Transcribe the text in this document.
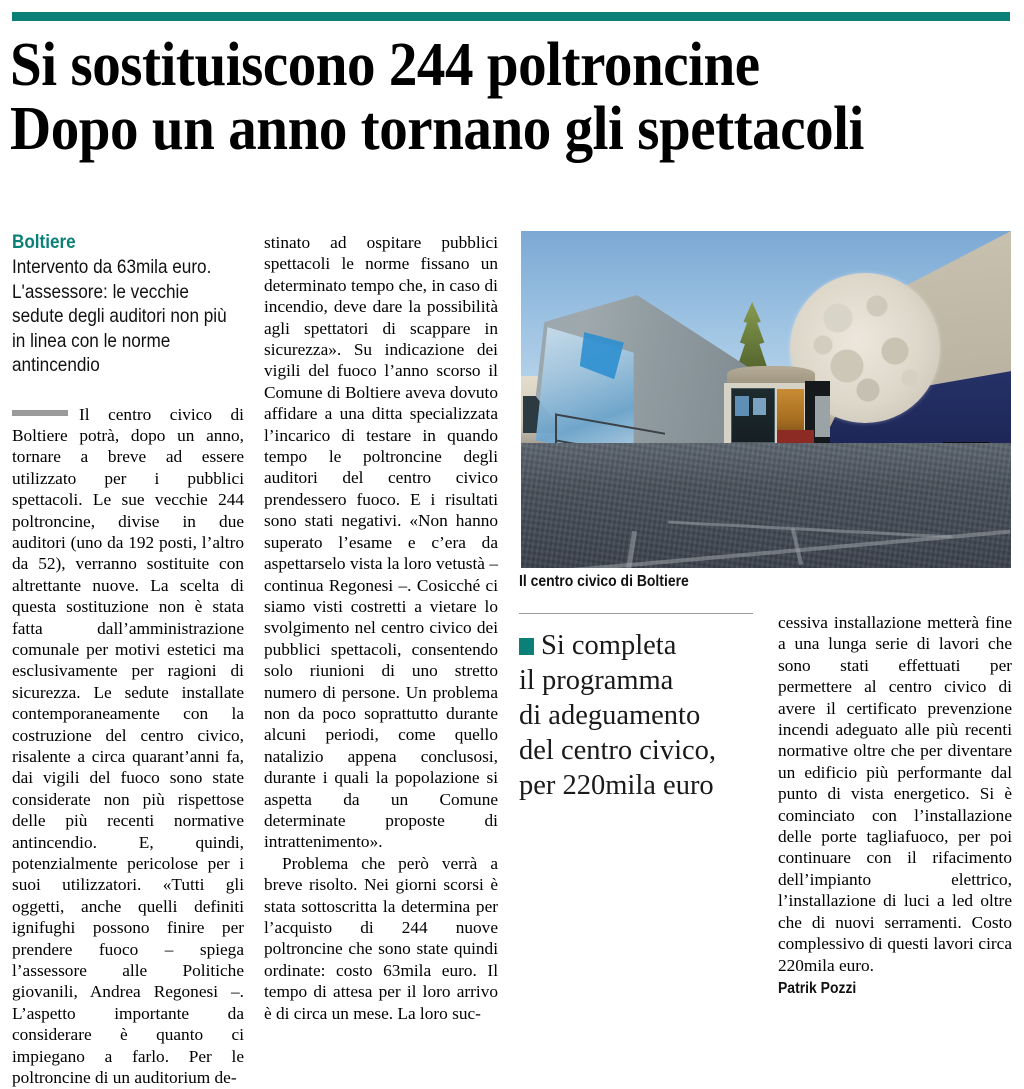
Si sostituiscono 244 poltroncine
Dopo un anno tornano gli spettacoli
Boltiere
Intervento da 63mila euro. L'assessore: le vecchie sedute degli auditori non più in linea con le norme antincendio

Il centro civico di Boltiere potrà, dopo un anno, tornare a breve ad essere utilizzato per i pubblici spettacoli. Le sue vecchie 244 poltroncine, divise in due auditori (uno da 192 posti, l’altro da 52), verranno sostituite con altrettante nuove. La scelta di questa sostituzione non è stata fatta dall’amministrazione comunale per motivi estetici ma esclusivamente per ragioni di sicurezza. Le sedute installate contemporaneamente con la costruzione del centro civico, risalente a circa quarant’anni fa, dai vigili del fuoco sono state considerate non più rispettose delle più recenti normative antincendio. E, quindi, potenzialmente pericolose per i suoi utilizzatori. «Tutti gli oggetti, anche quelli definiti ignifughi possono finire per prendere fuoco – spiega l’assessore alle Politiche giovanili, Andrea Regonesi –. L’aspetto importante da considerare è quanto ci impiegano a farlo. Per le poltroncine di un auditorium de-

stinato ad ospitare pubblici spettacoli le norme fissano un determinato tempo che, in caso di incendio, deve dare la possibilità agli spettatori di scappare in sicurezza». Su indicazione dei vigili del fuoco l’anno scorso il Comune di Boltiere aveva dovuto affidare a una ditta specializzata l’incarico di testare in quando tempo le poltroncine degli auditori del centro civico prendessero fuoco. E i risultati sono stati negativi. «Non hanno superato l’esame e c’era da aspettarselo vista la loro vetustà – continua Regonesi –. Cosicché ci siamo visti costretti a vietare lo svolgimento nel centro civico dei pubblici spettacoli, consentendo solo riunioni di uno stretto numero di persone. Un problema non da poco soprattutto durante alcuni periodi, come quello natalizio appena conclusosi, durante i quali la popolazione si aspetta da un Comune determinate proposte di intrattenimento».

Problema che però verrà a breve risolto. Nei giorni scorsi è stata sottoscritta la determina per l’acquisto di 244 nuove poltroncine che sono state quindi ordinate: costo 63mila euro. Il tempo di attesa per il loro arrivo è di circa un mese. La loro suc-

Il centro civico di Boltiere
Si completa
il programma
di adeguamento
del centro civico,
per 220mila euro

cessiva installazione metterà fine a una lunga serie di lavori che sono stati effettuati per permettere al centro civico di avere il certificato prevenzione incendi adeguato alle più recenti normative oltre che per diventare un edificio più performante dal punto di vista energetico. Si è cominciato con l’installazione delle porte tagliafuoco, per poi continuare con il rifacimento dell’impianto elettrico, l’installazione di luci a led oltre che di nuovi serramenti. Costo complessivo di questi lavori circa 220mila euro.

Patrik Pozzi
